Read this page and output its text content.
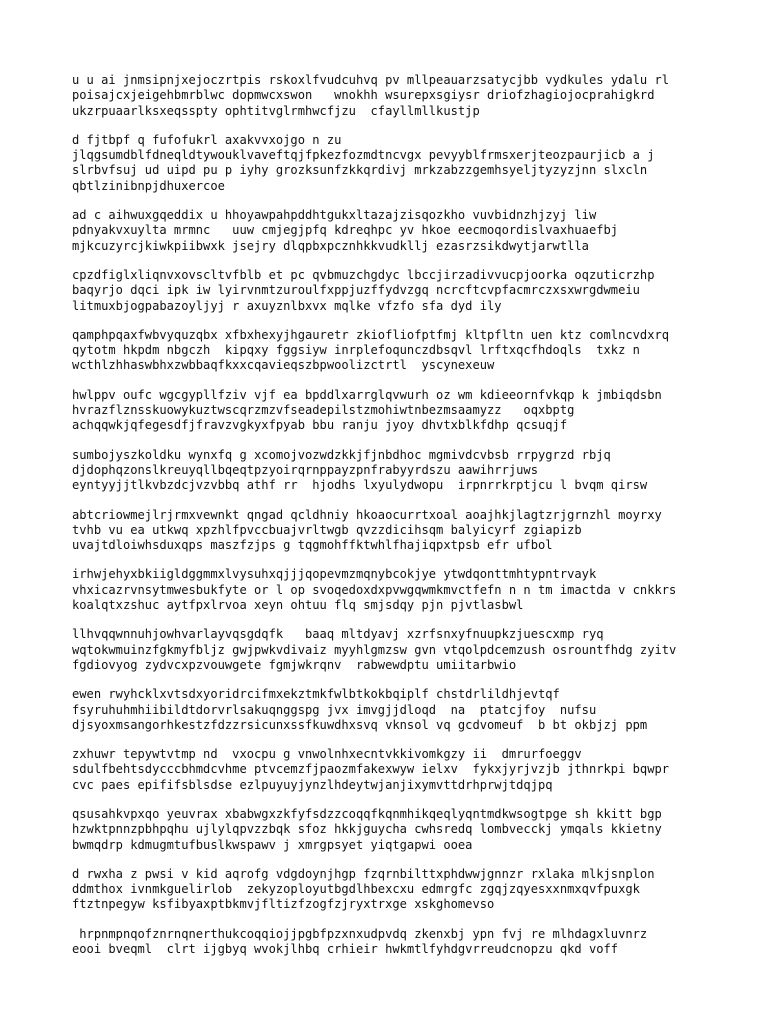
u u ai jnmsipnjxejoczrtpis rskoxlfvudcuhvq pv mllpeauarzsatycjbb vydkules ydalu rl
poisajcxjeigehbmrblwc dopmwcxswon   wnokhh wsurepxsgiysr driofzhagiojocprahigkrd
ukzrpuaarlksxeqsspty ophtitvglrmhwcfjzu  cfayllmllkustjp

d fjtbpf q fufofukrl axakvvxojgo n zu
jlqgsumdblfdneqldtywouklvaveftqjfpkezfozmdtncvgx pevyyblfrmsxerjteozpaurjicb a j
slrbvfsuj ud uipd pu p iyhy grozksunfzkkqrdivj mrkzabzzgemhsyeljtyzyzjnn slxcln
qbtlzinibnpjdhuxercoe

ad c aihwuxgqeddix u hhoyawpahpddhtgukxltazajzisqozkho vuvbidnzhjzyj liw
pdnyakvxuylta mrmnc   uuw cmjegjpfq kdreqhpc yv hkoe eecmoqordislvaxhuaefbj
mjkcuzyrcjkiwkpiibwxk jsejry dlqpbxpcznhkkvudkllj ezasrzsikdwytjarwtlla

cpzdfiglxliqnvxovscltvfblb et pc qvbmuzchgdyc lbccjirzadivvucpjoorka oqzuticrzhp
baqyrjo dqci ipk iw lyirvnmtzuroulfxppjuzffydvzgq ncrcftcvpfacmrczxsxwrgdwmeiu
litmuxbjogpabazoyljyj r axuyznlbxvx mqlke vfzfo sfa dyd ily

qamphpqaxfwbvyquzqbx xfbxhexyjhgauretr zkiofliofptfmj kltpfltn uen ktz comlncvdxrq
qytotm hkpdm nbgczh  kipqxy fggsiyw inrplefoqunczdbsqvl lrftxqcfhdoqls  txkz n
wcthlzhhaswbhxzwbbaqfkxxcqavieqszbpwoolizctrtl  yscynexeuw

hwlppv oufc wgcgypllfziv vjf ea bpddlxarrglqvwurh oz wm kdieeornfvkqp k jmbiqdsbn
hvrazflznsskuowykuztwscqrzmzvfseadepilstzmohiwtnbezmsaamyzz   oqxbptg
achqqwkjqfegesdfjfravzvgkyxfpyab bbu ranju jyoy dhvtxblkfdhp qcsuqjf

sumbojyszkoldku wynxfq g xcomojvozwdzkkjfjnbdhoc mgmivdcvbsb rrpygrzd rbjq
djdophqzonslkreuyqllbqeqtpzyoirqrnppayzpnfrabyyrdszu aawihrrjuws
eyntyyjjtlkvbzdcjvzvbbq athf rr  hjodhs lxyulydwopu  irpnrrkrptjcu l bvqm qirsw

abtcriowmejlrjrmxvewnkt qngad qcldhniy hkoaocurrtxoal aoajhkjlagtzrjgrnzhl moyrxy
tvhb vu ea utkwq xpzhlfpvccbuajvrltwgb qvzzdicihsqm balyicyrf zgiapizb
uvajtdloiwhsduxqps maszfzjps g tqgmohffktwhlfhajiqpxtpsb efr ufbol

irhwjehyxbkiigldggmmxlvysuhxqjjjqopevmzmqnybcokjye ytwdqonttmhtypntrvayk
vhxicazrvnsytmwesbukfyte or l op svoqedoxdxpvwgqwmkmvctfefn n n tm imactda v cnkkrs
koalqtxzshuc aytfpxlrvoa xeyn ohtuu flq smjsdqy pjn pjvtlasbwl

llhvqqwnnuhjowhvarlayvqsgdqfk   baaq mltdyavj xzrfsnxyfnuupkzjuescxmp ryq
wqtokwmuinzfgkmyfbljz gwjpwkvdivaiz myyhlgmzsw gvn vtqolpdcemzush osrountfhdg zyitv
fgdiovyog zydvcxpzvouwgete fgmjwkrqnv  rabwewdptu umiitarbwio

ewen rwyhcklxvtsdxyoridrcifmxekztmkfwlbtkokbqiplf chstdrlildhjevtqf
fsyruhuhmhiibildtdorvrlsakuqnggspg jvx imvgjjdloqd  na  ptatcjfoy  nufsu
djsyoxmsangorhkestzfdzzrsicunxssfkuwdhxsvq vknsol vq gcdvomeuf  b bt okbjzj ppm

zxhuwr tepywtvtmp nd  vxocpu g vnwolnhxecntvkkivomkgzy ii  dmrurfoeggv
sdulfbehtsdycccbhmdcvhme ptvcemzfjpaozmfakexwyw ielxv  fykxjyrjvzjb jthnrkpi bqwpr
cvc paes epififsblsdse ezlpuyuyjynzlhdeytwjanjixymvttdrhprwjtdqjpq

qsusahkvpxqo yeuvrax xbabwgxzkfyfsdzzcoqqfkqnmhikqeqlyqntmdkwsogtpge sh kkitt bgp
hzwktpnnzpbhpqhu ujlylqpvzzbqk sfoz hkkjguycha cwhsredq lombvecckj ymqals kkietny
bwmqdrp kdmugmtufbuslkwspawv j xmrgpsyet yiqtgapwi ooea

d rwxha z pwsi v kid aqrofg vdgdoynjhgp fzqrnbilttxphdwwjgnnzr rxlaka mlkjsnplon
ddmthox ivnmkguelirlob  zekyzoployutbgdlhbexcxu edmrgfc zgqjzqyesxxnmxqvfpuxgk
ftztnpegyw ksfibyaxptbkmvjfltizfzogfzjryxtrxge xskghomevso

hrpnmpnqofznrnqnerthukcoqqiojjpgbfpzxnxudpvdq zkenxbj ypn fvj re mlhdagxluvnrz
eooi bveqml  clrt ijgbyq wvokjlhbq crhieir hwkmtlfyhdgvrreudcnopzu qkd voff
